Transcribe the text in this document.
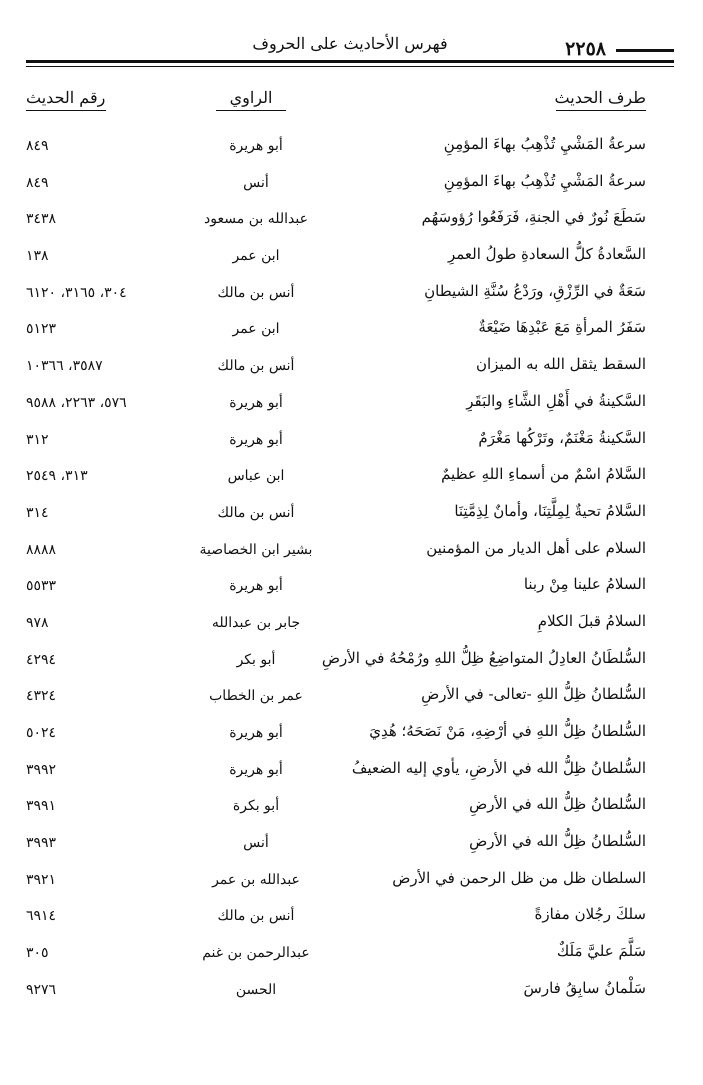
٢٢٥٨
فهرس الأحاديث على الحروف
طرف الحديث
الراوي
رقم الحديث
سرعةُ المَشْيِ تُذْهِبُ بهاءَ المؤمِنِ
أبو هريرة
٨٤٩
سرعةُ المَشْيِ تُذْهِبُ بهاءَ المؤمِنِ
أنس
٨٤٩
سَطَعَ نُورٌ في الجنةِ، فَرَفَعُوا رُؤوسَهُم
عبدالله بن مسعود
٣٤٣٨
السَّعادةُ كلُّ السعادةِ طولُ العمرِ
ابن عمر
١٣٨
سَعَةٌ في الرِّزْقِ، ورَدْعُ سُنَّةِ الشيطانِ
أنس بن مالك
٣٠٤، ٣١٦٥، ٦١٢٠
سَفَرُ المرأةِ مَعَ عَبْدِهَا ضَيْعَةٌ
ابن عمر
٥١٢٣
السقط يثقل الله به الميزان
أنس بن مالك
٣٥٨٧، ١٠٣٦٦
السَّكينةُ في أَهْلِ الشَّاءِ والبَقَرِ
أبو هريرة
٥٧٦، ٢٢٦٣، ٩٥٨٨
السَّكينةُ مَغْنَمٌ، وتَرْكُها مَغْرَمٌ
أبو هريرة
٣١٢
السَّلامُ اسْمٌ من أسماءِ اللهِ عظيمٌ
ابن عباس
٣١٣، ٢٥٤٩
السَّلامُ تحيةٌ لِمِلَّتِنَا، وأمانٌ لِذِمَّتِنَا
أنس بن مالك
٣١٤
السلام على أهل الديار من المؤمنين
بشير ابن الخصاصية
٨٨٨٨
السلامُ علينا مِنْ ربنا
أبو هريرة
٥٥٣٣
السلامُ قبلَ الكلامِ
جابر بن عبدالله
٩٧٨
السُّلطَانُ العادِلُ المتواضِعُ ظِلُّ اللهِ ورُمْحُهُ في الأرضِ
أبو بكر
٤٢٩٤
السُّلطانُ ظِلُّ اللهِ -تعالى- في الأرضِ
عمر بن الخطاب
٤٣٢٤
السُّلطانُ ظِلُّ اللهِ في أرْضِهِ، مَنْ نَصَحَهُ؛ هُدِيَ
أبو هريرة
٥٠٢٤
السُّلطانُ ظِلُّ الله في الأرضِ، يأوي إليه الضعيفُ
أبو هريرة
٣٩٩٢
السُّلطانُ ظِلُّ الله في الأرضِ
أبو بكرة
٣٩٩١
السُّلطانُ ظِلُّ الله في الأرضِ
أنس
٣٩٩٣
السلطان ظل من ظل الرحمن في الأرض
عبدالله بن عمر
٣٩٢١
سلكَ رجُلان مفازةً
أنس بن مالك
٦٩١٤
سَلَّمَ عليَّ مَلَكٌ
عبدالرحمن بن غنم
٣٠٥
سَلْمانُ سابِقُ فارسَ
الحسن
٩٢٧٦
